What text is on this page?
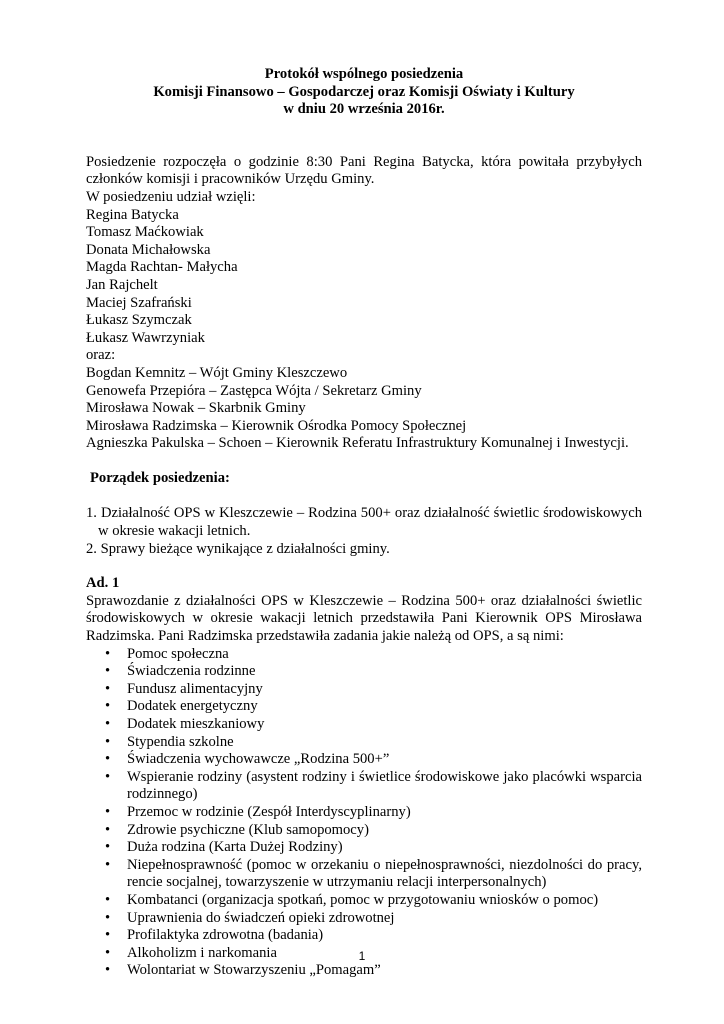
Protokół wspólnego posiedzenia
Komisji Finansowo – Gospodarczej oraz Komisji Oświaty i Kultury
w dniu 20 września 2016r.
Posiedzenie rozpoczęła o godzinie 8:30 Pani Regina Batycka, która powitała przybyłych członków komisji i pracowników Urzędu Gminy.
W posiedzeniu udział wzięli:
Regina Batycka
Tomasz Maćkowiak
Donata Michałowska
Magda Rachtan- Małycha
Jan Rajchelt
Maciej Szafrański
Łukasz Szymczak
Łukasz Wawrzyniak
oraz:
Bogdan Kemnitz – Wójt Gminy Kleszczewo
Genowefa Przepióra – Zastępca Wójta / Sekretarz Gminy
Mirosława Nowak – Skarbnik Gminy
Mirosława Radzimska – Kierownik Ośrodka Pomocy Społecznej
Agnieszka Pakulska – Schoen – Kierownik Referatu Infrastruktury Komunalnej i Inwestycji.
Porządek posiedzenia:
1. Działalność OPS w Kleszczewie – Rodzina 500+ oraz działalność świetlic środowiskowych w okresie wakacji letnich.
2. Sprawy bieżące wynikające z działalności gminy.
Ad. 1
Sprawozdanie z działalności OPS w Kleszczewie – Rodzina 500+ oraz działalności świetlic środowiskowych w okresie wakacji letnich przedstawiła Pani Kierownik OPS Mirosława Radzimska. Pani Radzimska przedstawiła zadania jakie należą od OPS, a są nimi:
• Pomoc społeczna
• Świadczenia rodzinne
• Fundusz alimentacyjny
• Dodatek energetyczny
• Dodatek mieszkaniowy
• Stypendia szkolne
• Świadczenia wychowawcze „Rodzina 500+”
• Wspieranie rodziny (asystent rodziny i świetlice środowiskowe jako placówki wsparcia rodzinnego)
• Przemoc w rodzinie (Zespół Interdyscyplinarny)
• Zdrowie psychiczne (Klub samopomocy)
• Duża rodzina (Karta Dużej Rodziny)
• Niepełnosprawność (pomoc w orzekaniu o niepełnosprawności, niezdolności do pracy, rencie socjalnej, towarzyszenie w utrzymaniu relacji interpersonalnych)
• Kombatanci (organizacja spotkań, pomoc w przygotowaniu wniosków o pomoc)
• Uprawnienia do świadczeń opieki zdrowotnej
• Profilaktyka zdrowotna (badania)
• Alkoholizm i narkomania
• Wolontariat w Stowarzyszeniu „Pomagam”
1
